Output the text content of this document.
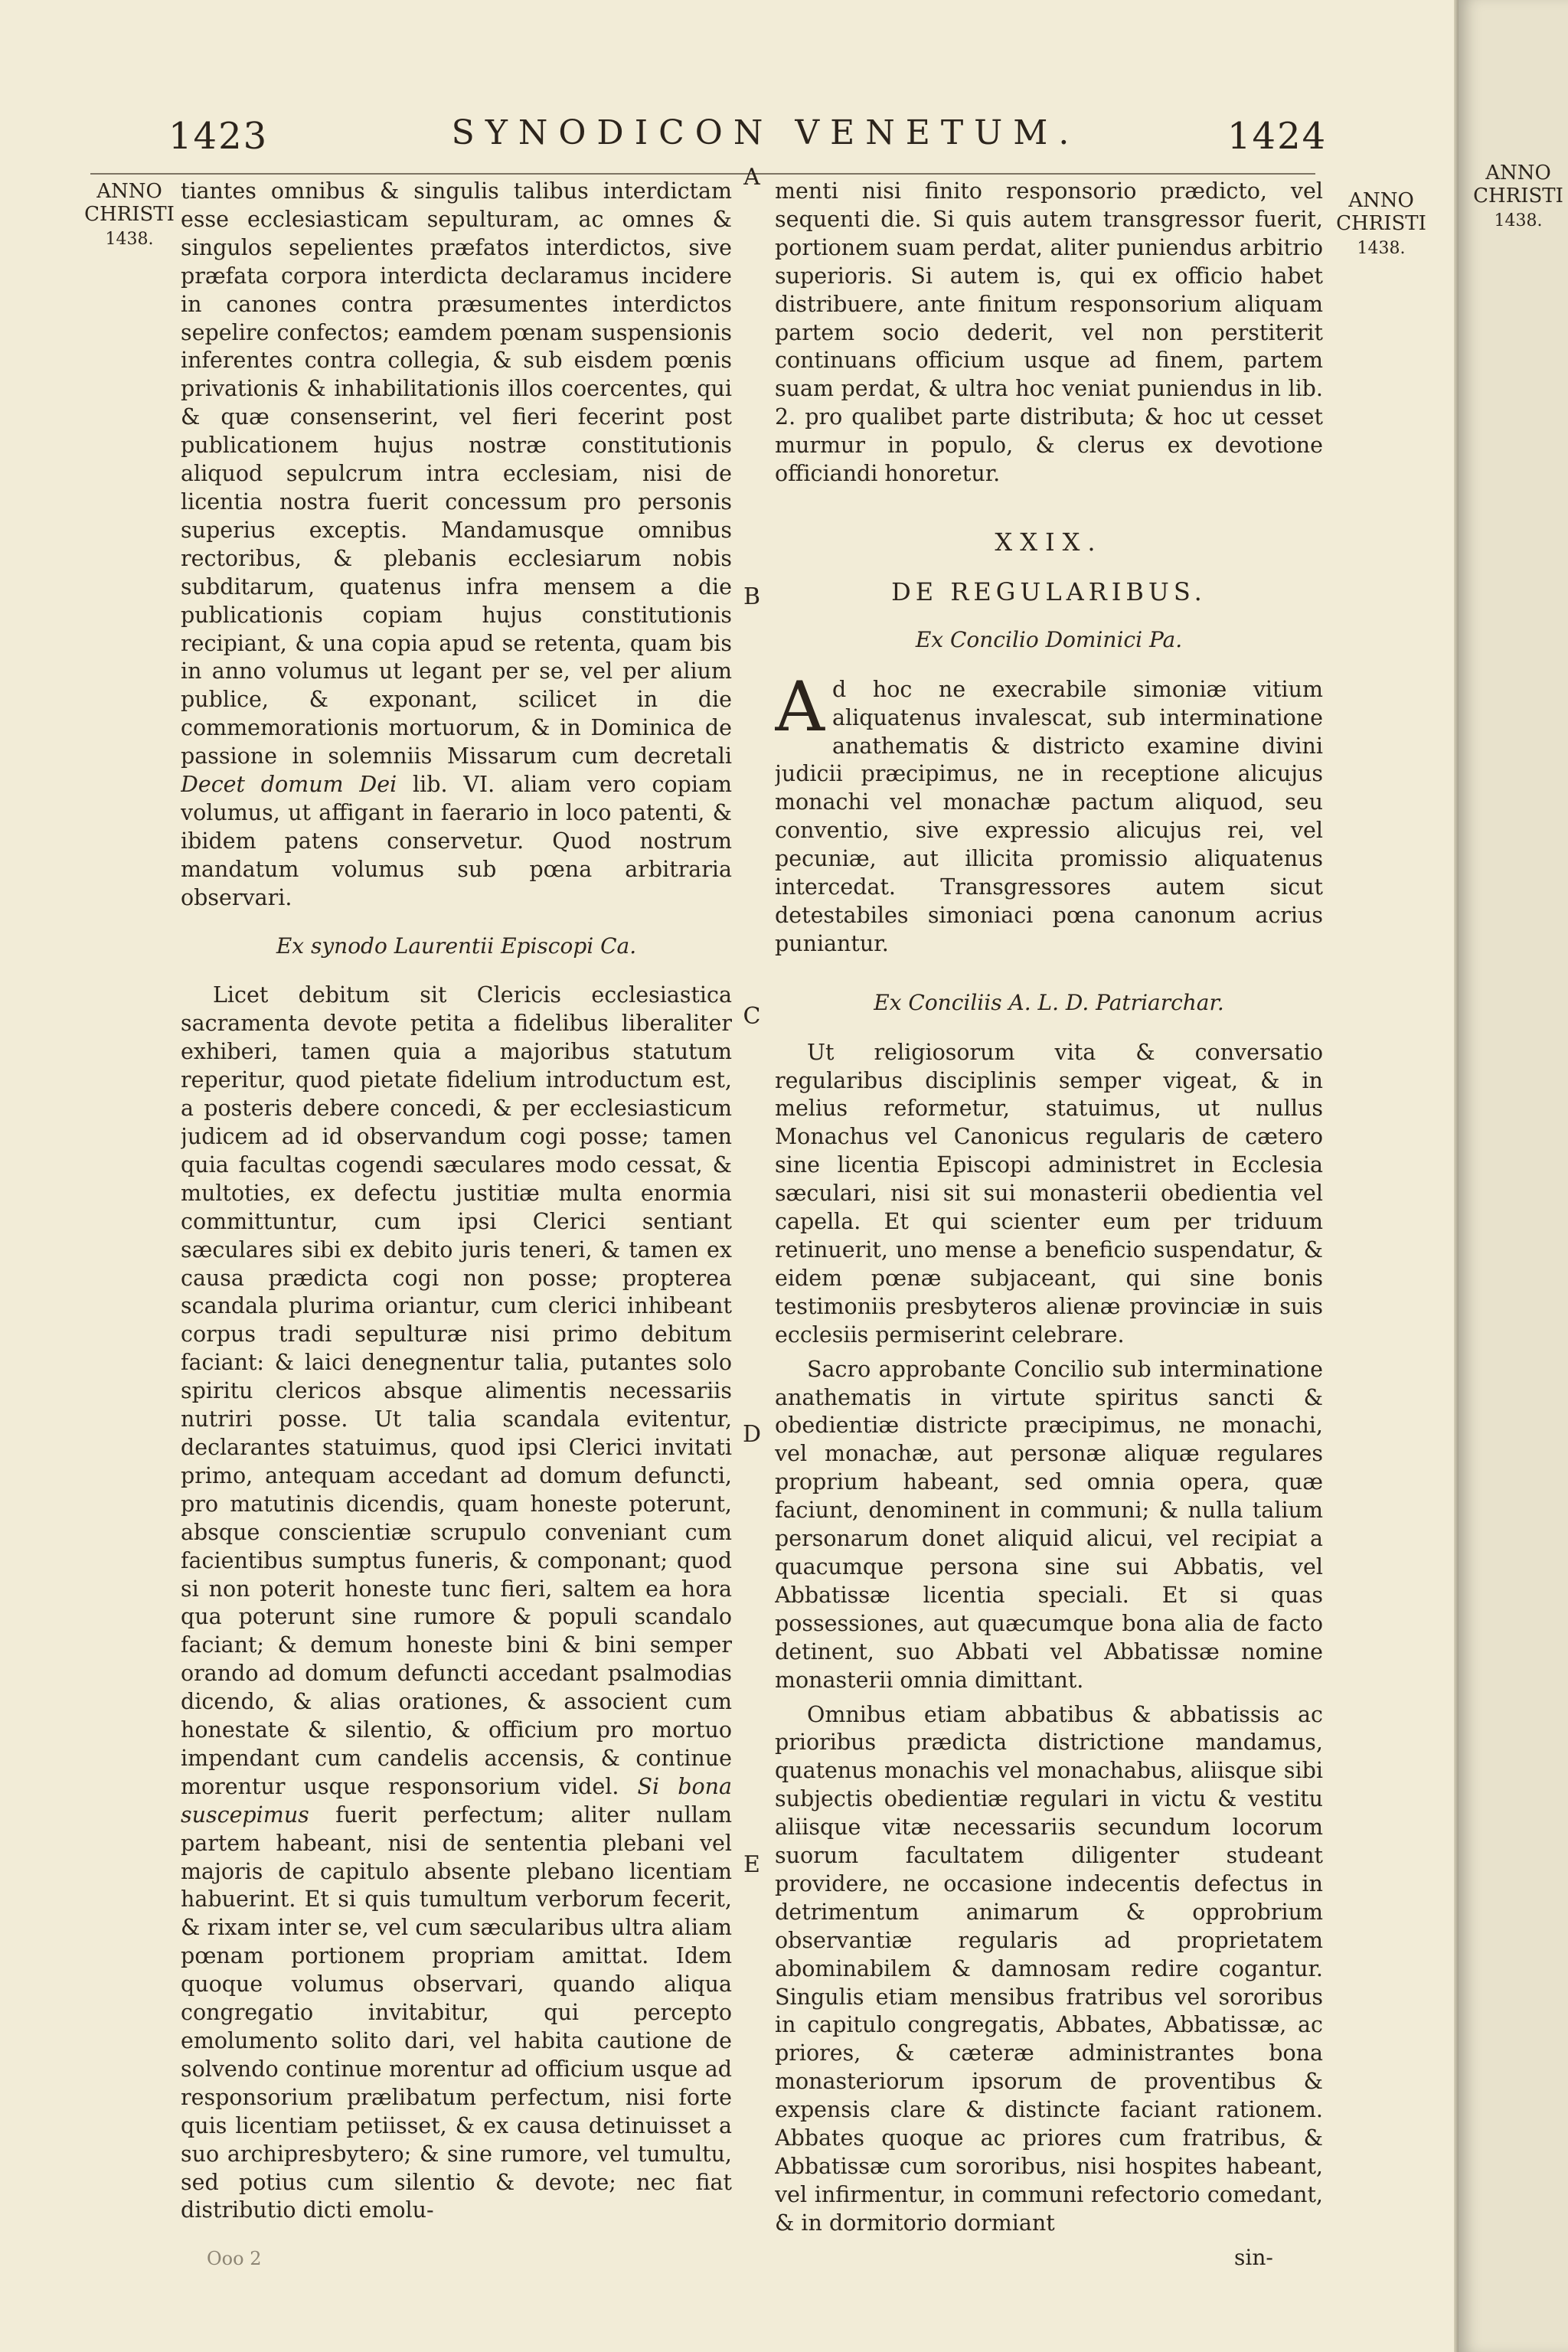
1423	SYNODICON VENETUM.	1424
ANNO
CHRISTI
1438.
ANNO
CHRISTI
1438.

tiantes omnibus & singulis talibus interdictam esse ecclesiasticam sepulturam, ac omnes & singulos sepelientes præfatos interdictos, sive præfata corpora interdicta declaramus incidere in canones contra præsumentes interdictos sepelire confectos; eamdem pœnam suspensionis inferentes contra collegia, & sub eisdem pœnis privationis & inhabilitationis illos coercentes, qui & quæ consenserint, vel fieri fecerint post publicationem hujus nostræ constitutionis aliquod sepulcrum intra ecclesiam, nisi de licentia nostra fuerit concessum pro personis superius exceptis. Mandamusque omnibus rectoribus, & plebanis ecclesiarum nobis subditarum, quatenus infra mensem a die publicationis copiam hujus constitutionis recipiant, & una copia apud se retenta, quam bis in anno volumus ut legant per se, vel per alium publice, & exponant, scilicet in die commemorationis mortuorum, & in Dominica de passione in solemniis Missarum cum decretali Decet domum Dei lib. VI. aliam vero copiam volumus, ut affigant in faerario in loco patenti, & ibidem patens conservetur. Quod nostrum mandatum volumus sub pœna arbitraria observari.

Ex synodo Laurentii Episcopi Ca.

Licet debitum sit Clericis ecclesiastica sacramenta devote petita a fidelibus liberaliter exhiberi, tamen quia a majoribus statutum reperitur, quod pietate fidelium introductum est, a posteris debere concedi, & per ecclesiasticum judicem ad id observandum cogi posse; tamen quia facultas cogendi sæculares modo cessat, & multoties, ex defectu justitiæ multa enormia committuntur, cum ipsi Clerici sentiant sæculares sibi ex debito juris teneri, & tamen ex causa prædicta cogi non posse; propterea scandala plurima oriantur, cum clerici inhibeant corpus tradi sepulturæ nisi primo debitum faciant: & laici denegnentur talia, putantes solo spiritu clericos absque alimentis necessariis nutriri posse. Ut talia scandala evitentur, declarantes statuimus, quod ipsi Clerici invitati primo, antequam accedant ad domum defuncti, pro matutinis dicendis, quam honeste poterunt, absque conscientiæ scrupulo conveniant cum facientibus sumptus funeris, & componant; quod si non poterit honeste tunc fieri, saltem ea hora qua poterunt sine rumore & populi scandalo faciant; & demum honeste bini & bini semper orando ad domum defuncti accedant psalmodias dicendo, & alias orationes, & associent cum honestate & silentio, & officium pro mortuo impendant cum candelis accensis, & continue morentur usque responsorium videl. Si bona suscepimus fuerit perfectum; aliter nullam partem habeant, nisi de sententia plebani vel majoris de capitulo absente plebano licentiam habuerint. Et si quis tumultum verborum fecerit, & rixam inter se, vel cum sæcularibus ultra aliam pœnam portionem propriam amittat. Idem quoque volumus observari, quando aliqua congregatio invitabitur, qui percepto emolumento solito dari, vel habita cautione de solvendo continue morentur ad officium usque ad responsorium prælibatum perfectum, nisi forte quis licentiam petiisset, & ex causa detinuisset a suo archipresbytero; & sine rumore, vel tumultu, sed potius cum silentio & devote; nec fiat distributio dicti emolu-

A
B
C
D
E

menti nisi finito responsorio prædicto, vel sequenti die. Si quis autem transgressor fuerit, portionem suam perdat, aliter puniendus arbitrio superioris. Si autem is, qui ex officio habet distribuere, ante finitum responsorium aliquam partem socio dederit, vel non perstiterit continuans officium usque ad finem, partem suam perdat, & ultra hoc veniat puniendus in lib. 2. pro qualibet parte distributa; & hoc ut cesset murmur in populo, & clerus ex devotione officiandi honoretur.

XXIX.
DE REGULARIBUS.
Ex Concilio Dominici Pa.

Ad hoc ne execrabile simoniæ vitium aliquatenus invalescat, sub interminatione anathematis & districto examine divini judicii præcipimus, ne in receptione alicujus monachi vel monachæ pactum aliquod, seu conventio, sive expressio alicujus rei, vel pecuniæ, aut illicita promissio aliquatenus intercedat. Transgressores autem sicut detestabiles simoniaci pœna canonum acrius puniantur.

Ex Conciliis A. L. D. Patriarchar.

Ut religiosorum vita & conversatio regularibus disciplinis semper vigeat, & in melius reformetur, statuimus, ut nullus Monachus vel Canonicus regularis de cætero sine licentia Episcopi administret in Ecclesia sæculari, nisi sit sui monasterii obedientia vel capella. Et qui scienter eum per triduum retinuerit, uno mense a beneficio suspendatur, & eidem pœnæ subjaceant, qui sine bonis testimoniis presbyteros alienæ provinciæ in suis ecclesiis permiserint celebrare.

Sacro approbante Concilio sub interminatione anathematis in virtute spiritus sancti & obedientiæ districte præcipimus, ne monachi, vel monachæ, aut personæ aliquæ regulares proprium habeant, sed omnia opera, quæ faciunt, denominent in communi; & nulla talium personarum donet aliquid alicui, vel recipiat a quacumque persona sine sui Abbatis, vel Abbatissæ licentia speciali. Et si quas possessiones, aut quæcumque bona alia de facto detinent, suo Abbati vel Abbatissæ nomine monasterii omnia dimittant.

Omnibus etiam abbatibus & abbatissis ac prioribus prædicta districtione mandamus, quatenus monachis vel monachabus, aliisque sibi subjectis obedientiæ regulari in victu & vestitu aliisque vitæ necessariis secundum locorum suorum facultatem diligenter studeant providere, ne occasione indecentis defectus in detrimentum animarum & opprobrium observantiæ regularis ad proprietatem abominabilem & damnosam redire cogantur. Singulis etiam mensibus fratribus vel sororibus in capitulo congregatis, Abbates, Abbatissæ, ac priores, & cæteræ administrantes bona monasteriorum ipsorum de proventibus & expensis clare & distincte faciant rationem. Abbates quoque ac priores cum fratribus, & Abbatissæ cum sororibus, nisi hospites habeant, vel infirmentur, in communi refectorio comedant, & in dormitorio dormiant

Ooo 2	sin-
ANNO
CHRISTI
1438.
